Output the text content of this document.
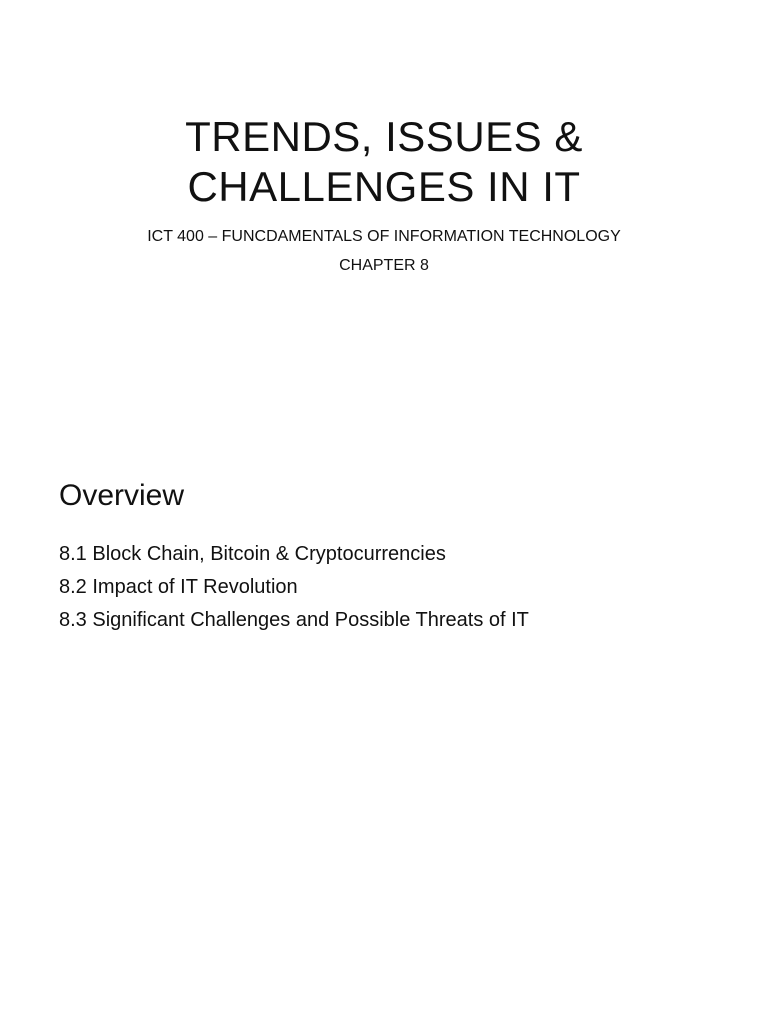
TRENDS, ISSUES &
CHALLENGES IN IT

ICT 400 – FUNCDAMENTALS OF INFORMATION TECHNOLOGY

CHAPTER 8

Overview
8.1 Block Chain, Bitcoin & Cryptocurrencies
8.2 Impact of IT Revolution
8.3 Significant Challenges and Possible Threats of IT
